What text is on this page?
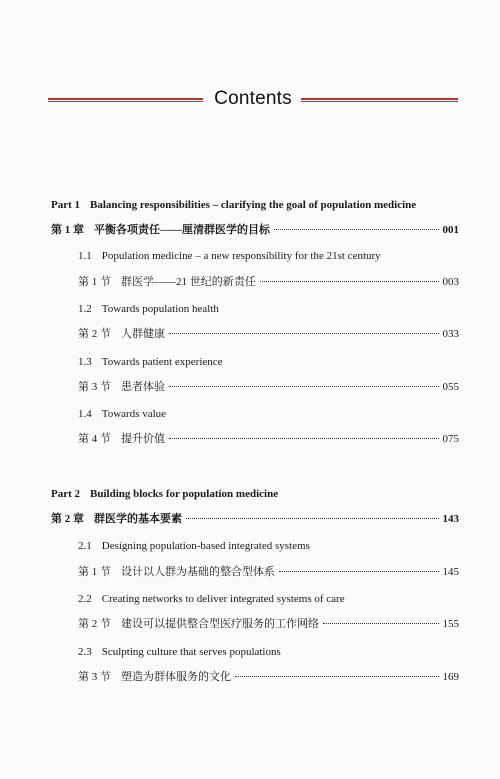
Contents
Part 1 Balancing responsibilities – clarifying the goal of population medicine
第 1 章 平衡各项责任——厘清群医学的目标	001
1.1 Population medicine – a new responsibility for the 21st century
第 1 节 群医学——21 世纪的新责任	003
1.2 Towards population health
第 2 节 人群健康	033
1.3 Towards patient experience
第 3 节 患者体验	055
1.4 Towards value
第 4 节 提升价值	075
Part 2 Building blocks for population medicine
第 2 章 群医学的基本要素	143
2.1 Designing population-based integrated systems
第 1 节 设计以人群为基础的整合型体系	145
2.2 Creating networks to deliver integrated systems of care
第 2 节 建设可以提供整合型医疗服务的工作网络	155
2.3 Sculpting culture that serves populations
第 3 节 塑造为群体服务的文化	169
